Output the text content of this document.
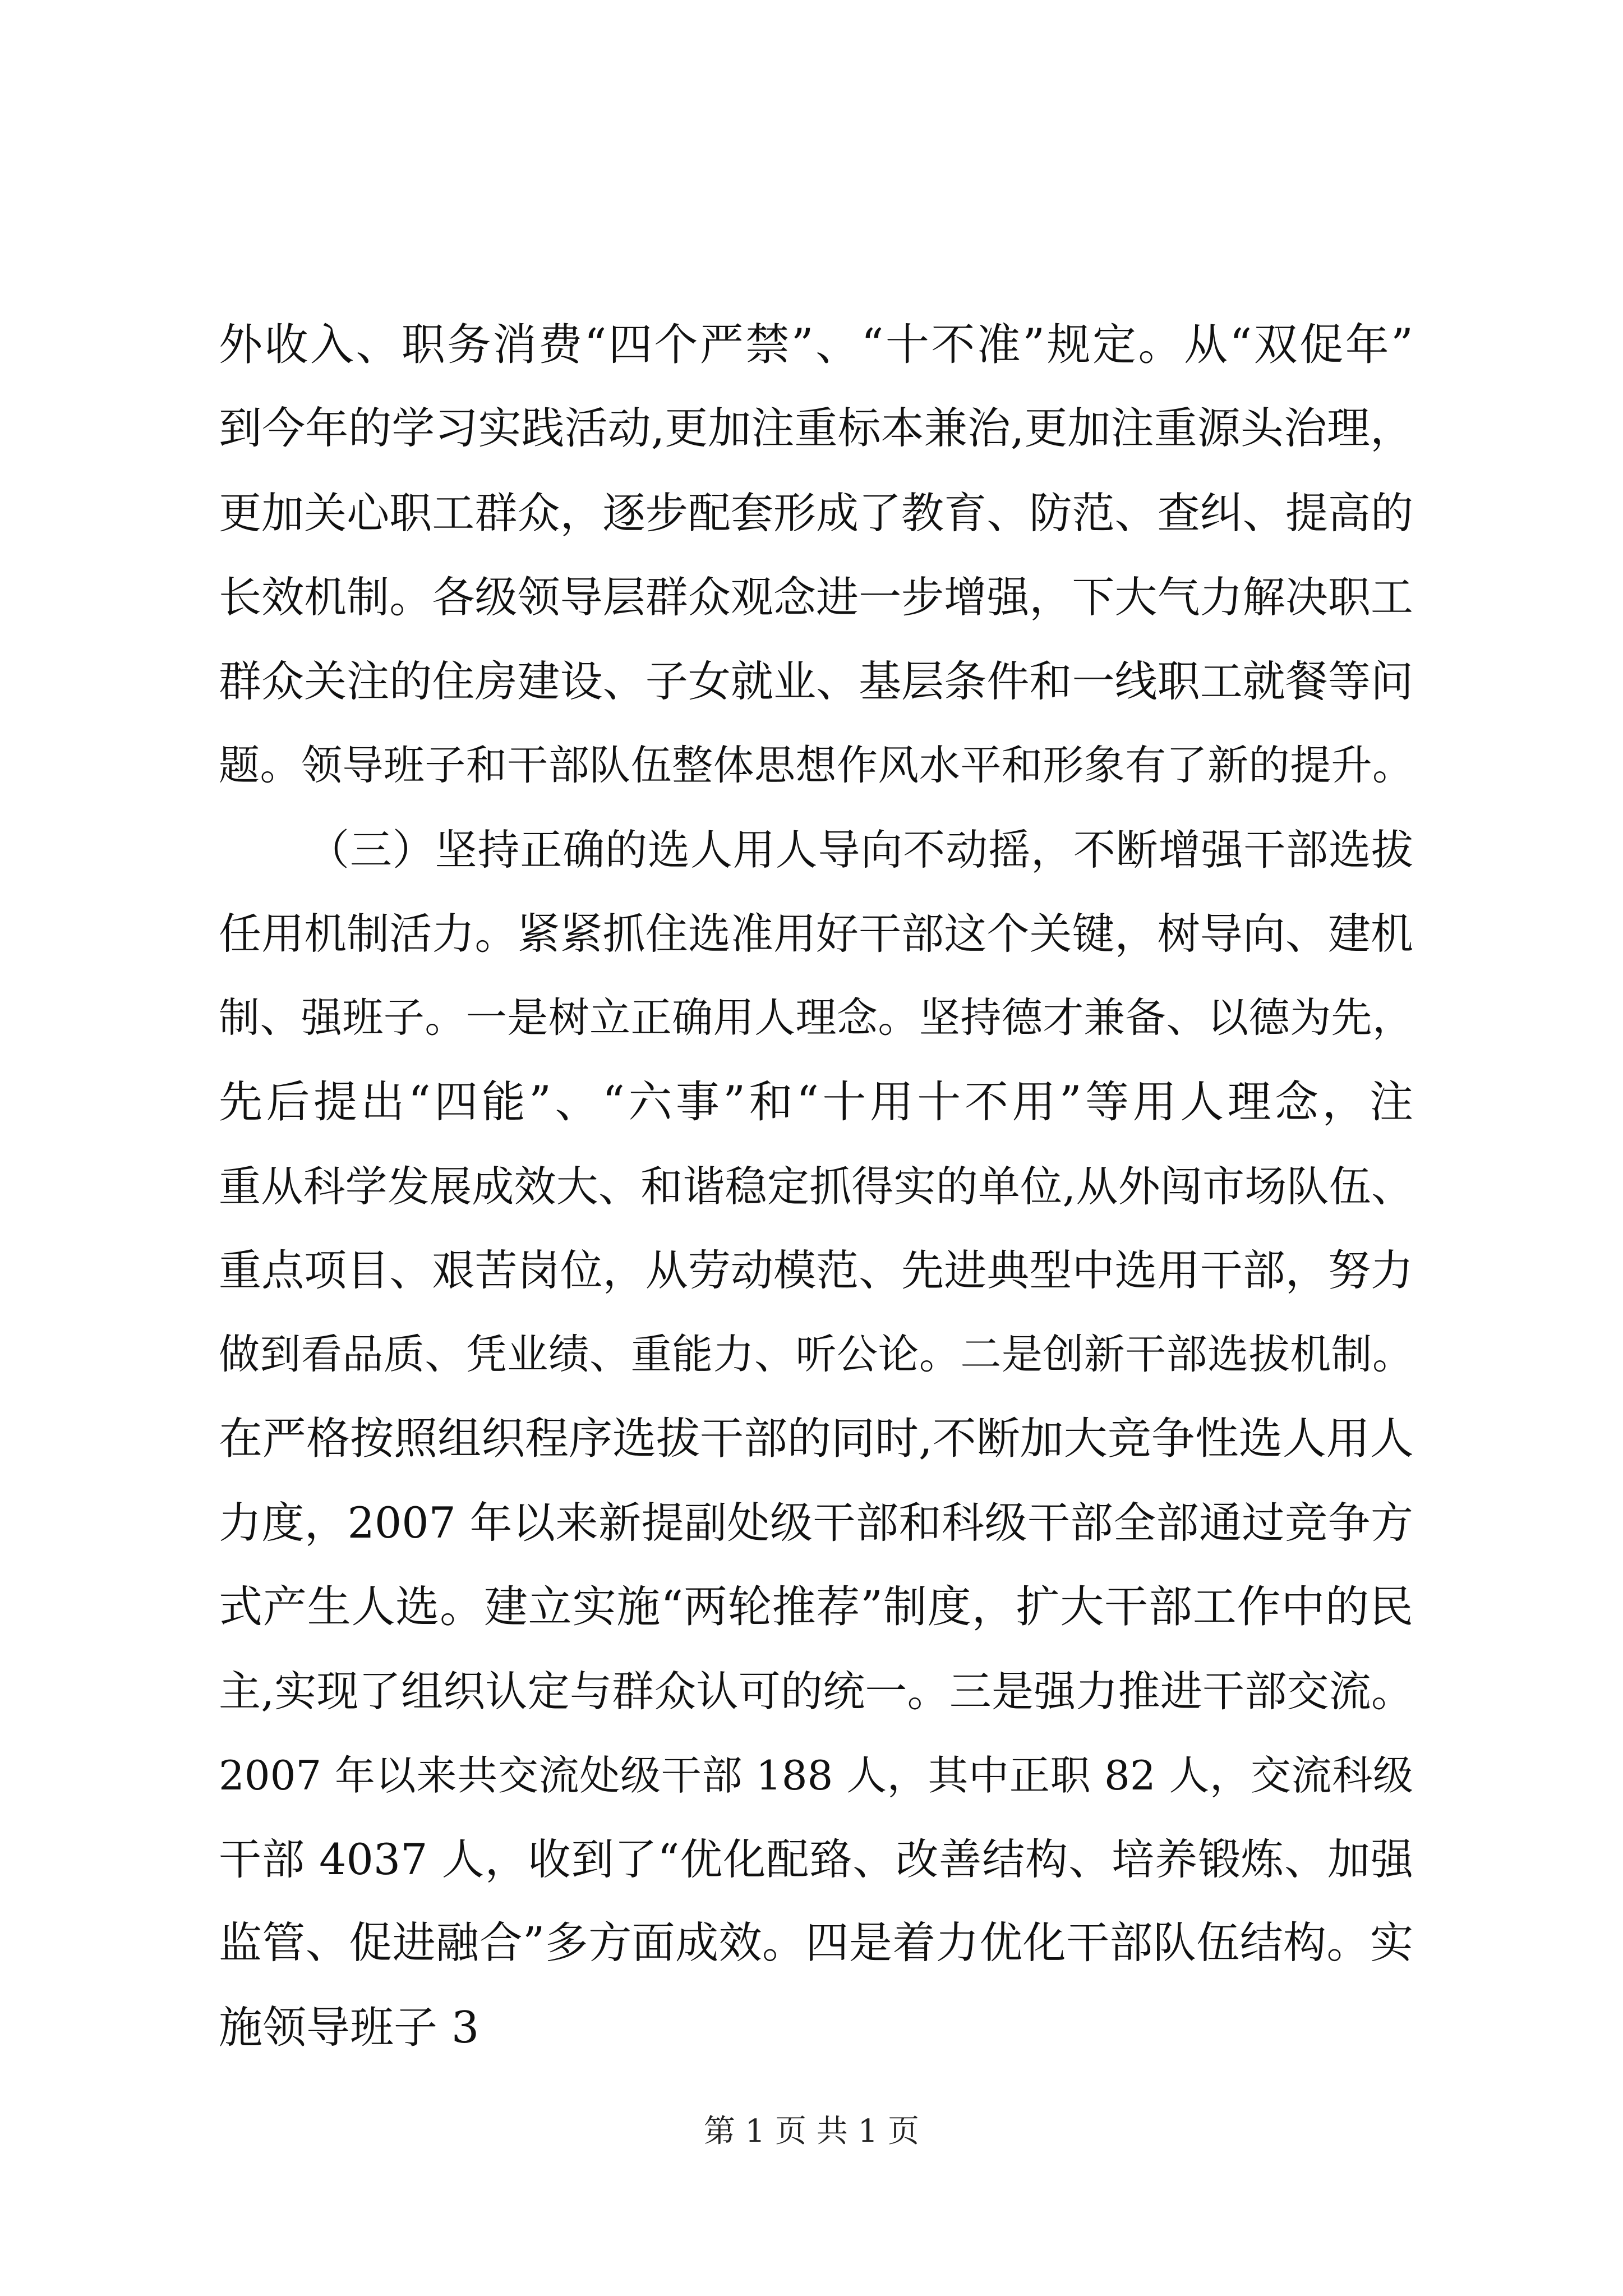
外收入、职务消费“四个严禁”、“十不准”规定。从“双促年”
到今年的学习实践活动,更加注重标本兼治,更加注重源头治理，
更加关心职工群众，逐步配套形成了教育、防范、查纠、提高的
长效机制。各级领导层群众观念进一步增强，下大气力解决职工
群众关注的住房建设、子女就业、基层条件和一线职工就餐等问
题。领导班子和干部队伍整体思想作风水平和形象有了新的提升。
（三）坚持正确的选人用人导向不动摇，不断增强干部选拔
任用机制活力。紧紧抓住选准用好干部这个关键，树导向、建机
制、强班子。一是树立正确用人理念。坚持德才兼备、以德为先，
先后提出“四能”、“六事”和“十用十不用”等用人理念，注
重从科学发展成效大、和谐稳定抓得实的单位,从外闯市场队伍、
重点项目、艰苦岗位，从劳动模范、先进典型中选用干部，努力
做到看品质、凭业绩、重能力、听公论。二是创新干部选拔机制。
在严格按照组织程序选拔干部的同时,不断加大竞争性选人用人
力度，2007 年以来新提副处级干部和科级干部全部通过竞争方
式产生人选。建立实施“两轮推荐”制度，扩大干部工作中的民
主,实现了组织认定与群众认可的统一。三是强力推进干部交流。
2007 年以来共交流处级干部 188 人，其中正职 82 人，交流科级
干部 4037 人，收到了“优化配臵、改善结构、培养锻炼、加强
监管、促进融合”多方面成效。四是着力优化干部队伍结构。实
施领导班子 3
第 1 页 共 1 页
